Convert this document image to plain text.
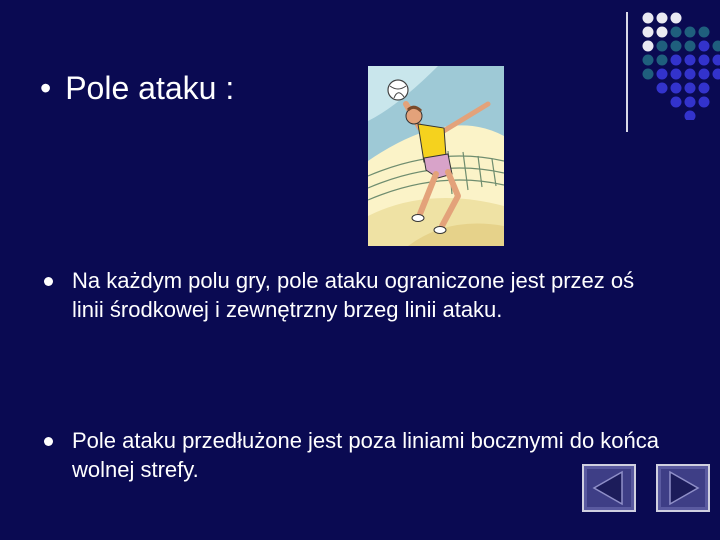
• Pole ataku :
Na każdym polu gry, pole ataku ograniczone jest przez oś linii środkowej i zewnętrzny brzeg linii ataku.
Pole ataku przedłużone jest poza liniami bocznymi do końca wolnej strefy.
